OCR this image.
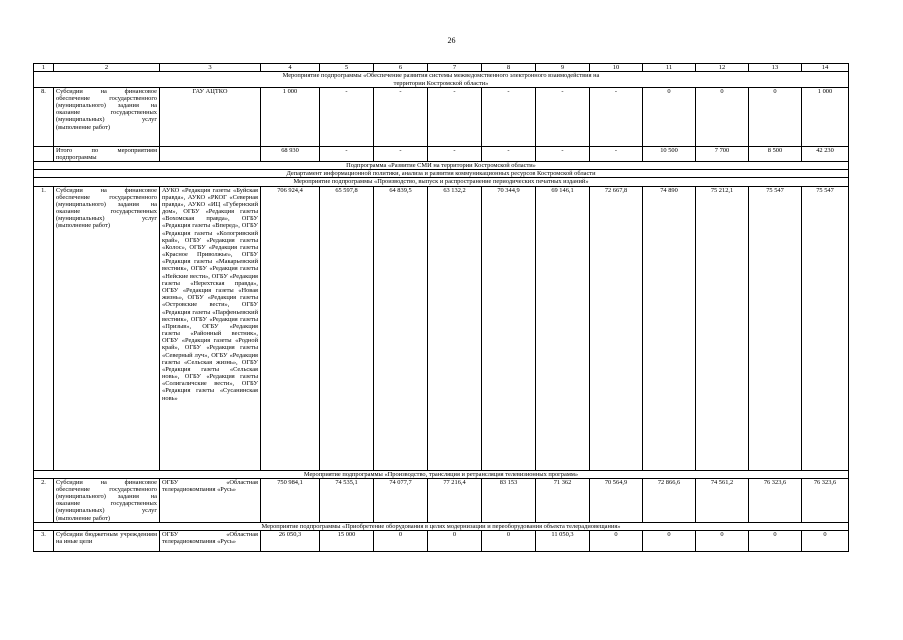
26
1	2	3	4	5	6	7	8	9	10	11	12	13	14
Мероприятие подпрограммы «Обеспечение развития системы межведомственного электронного взаимодействия на территории Костромской области»													
8.	Субсидии на финансовое обеспечение государственного (муниципального) задания на оказание государственных (муниципальных) услуг (выполнение работ)	ГАУ АЦТКО	1 000	-	-	-	-	-	-	0	0	0	1 000
	Итого по мероприятиям подпрограммы		68 930	-	-	-	-	-	-	10 500	7 700	8 500	42 230
Подпрограмма «Развитие СМИ на территории Костромской области»													
Департамент информационной политики, анализа и развития коммуникационных ресурсов Костромской области													
Мероприятие подпрограммы «Производство, выпуск и распространение периодических печатных изданий»													
1.	Субсидии на финансовое обеспечение государственного (муниципального) задания на оказание государственных (муниципальных) услуг (выполнение работ)	АУКО «Редакция газеты «Буйская правда», АУКО «РКОГ «Северная правда», АУКО «ИЦ «Губернский дом», ОГБУ «Редакция газеты «Вохомская правда», ОГБУ «Редакция газеты «Вперед», ОГБУ «Редакция газеты «Кологривский край», ОГБУ «Редакция газеты «Колос», ОГБУ «Редакция газеты «Красное Приволжье», ОГБУ «Редакция газеты «Макарьевский вестник», ОГБУ «Редакция газеты «Нейские вести», ОГБУ «Редакция газеты «Нерехтская правда», ОГБУ «Редакция газеты «Новая жизнь», ОГБУ «Редакция газеты «Островские вести», ОГБУ «Редакция газеты «Парфеньевский вестник», ОГБУ «Редакция газеты «Призыв», ОГБУ «Редакция газеты «Районный вестник», ОГБУ «Редакция газеты «Родной край», ОГБУ «Редакция газеты «Северный луч», ОГБУ «Редакция газеты «Сельская жизнь», ОГБУ «Редакция газеты «Сельская новь», ОГБУ «Редакция газеты «Солигаличские вести», ОГБУ «Редакция газеты «Сусанинская новь»	706 924,4	65 597,8	64 839,5	63 132,2	70 344,9	69 146,1	72 667,8	74 890	75 212,1	75 547	75 547
Мероприятие подпрограммы «Производство, трансляция и ретрансляция телевизионных программ»													
2.	Субсидии на финансовое обеспечение государственного (муниципального) задания на оказание государственных (муниципальных) услуг (выполнение работ)	ОГБУ «Областная телерадиокомпания «Русь»	750 984,1	74 535,1	74 077,7	77 216,4	83 153	71 362	70 564,9	72 866,6	74 561,2	76 323,6	76 323,6
Мероприятие подпрограммы «Приобретение оборудования в целях модернизации и переоборудования объекта телерадиовещания»													
3.	Субсидии бюджетным учреждениям на иные цели	ОГБУ «Областная телерадиокомпания «Русь»	26 050,3	15 000	0	0	0	11 050,3	0	0	0	0	0
